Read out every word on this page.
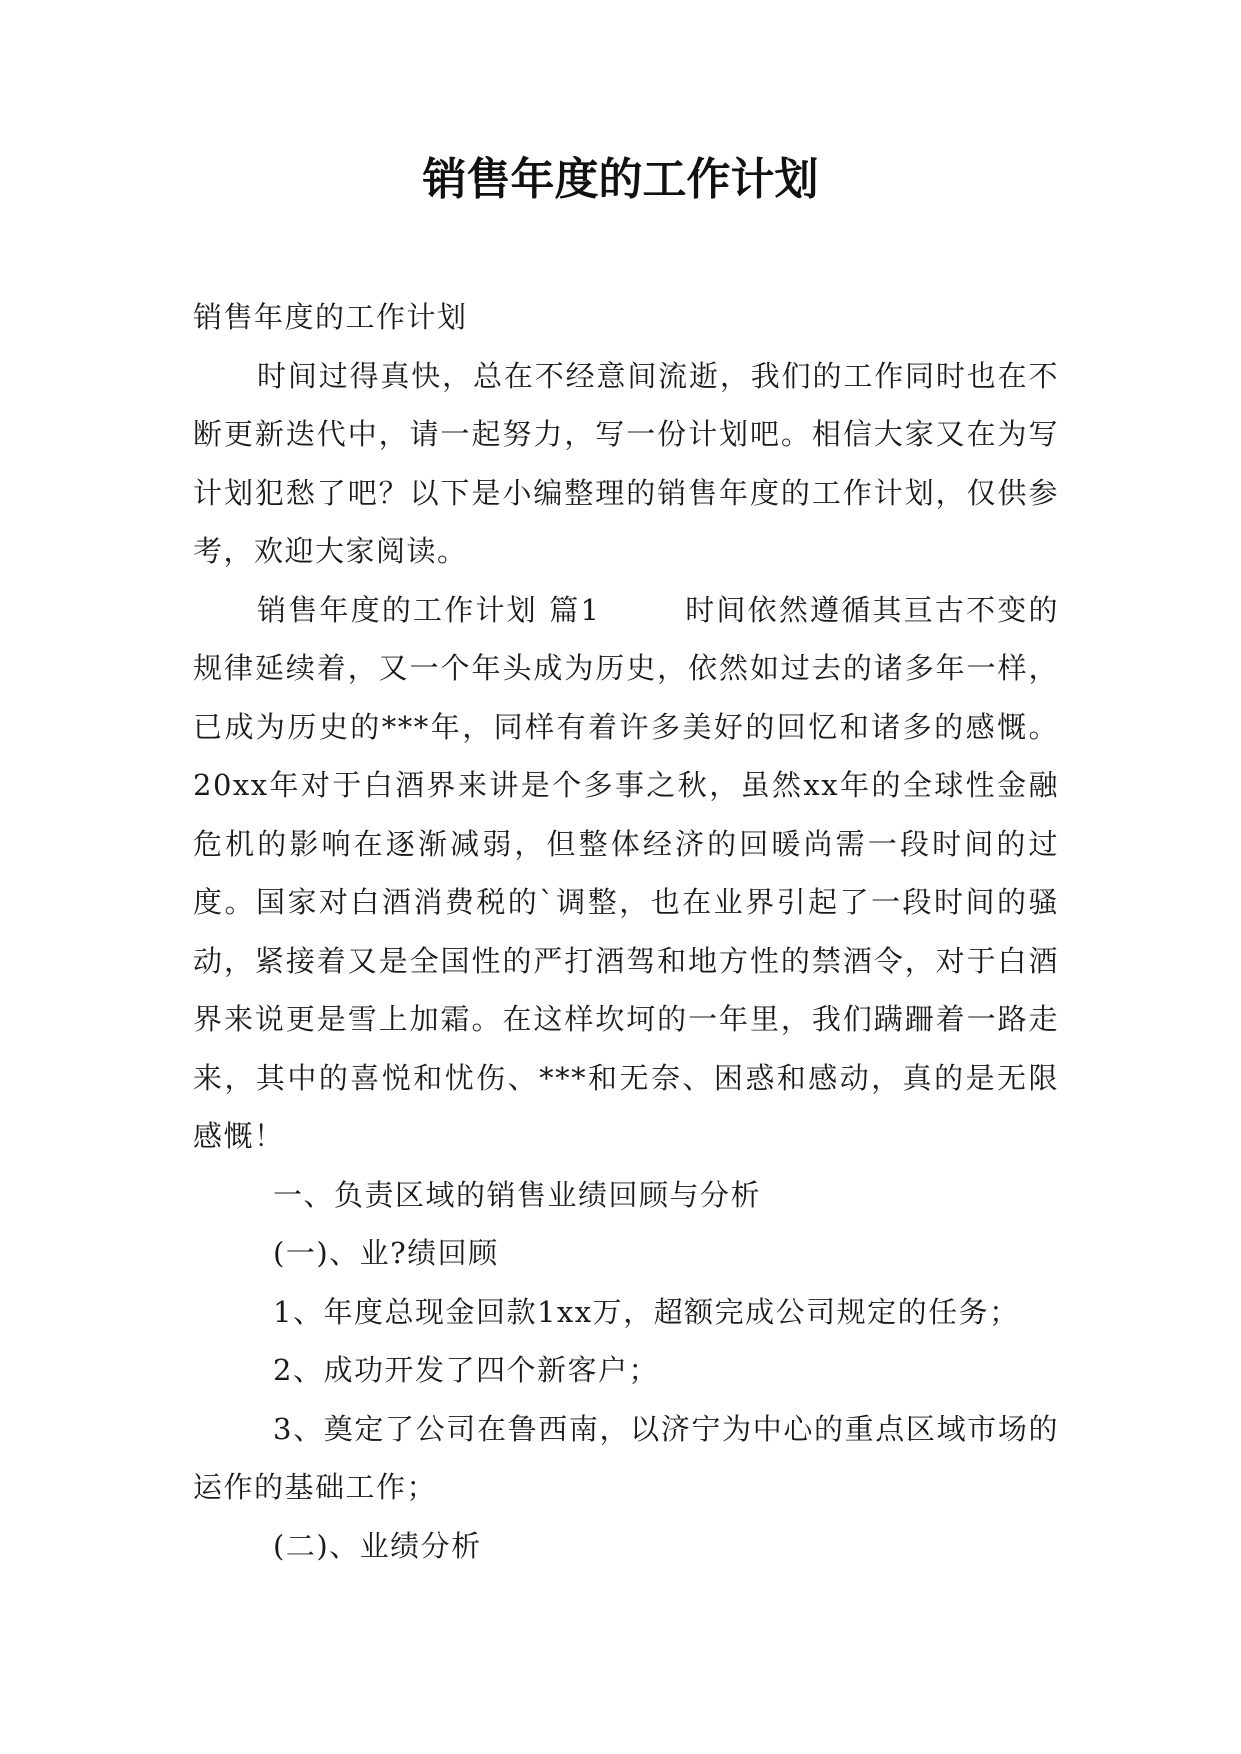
销售年度的工作计划

销售年度的工作计划

时间过得真快，总在不经意间流逝，我们的工作同时也在不断更新迭代中，请一起努力，写一份计划吧。相信大家又在为写计划犯愁了吧？以下是小编整理的销售年度的工作计划，仅供参考，欢迎大家阅读。

销售年度的工作计划 篇1	时间依然遵循其亘古不变的规律延续着，又一个年头成为历史，依然如过去的诸多年一样，已成为历史的***年，同样有着许多美好的回忆和诸多的感慨。20xx年对于白酒界来讲是个多事之秋，虽然xx年的全球性金融危机的影响在逐渐减弱，但整体经济的回暖尚需一段时间的过度。国家对白酒消费税的`调整，也在业界引起了一段时间的骚动，紧接着又是全国性的严打酒驾和地方性的禁酒令，对于白酒界来说更是雪上加霜。在这样坎坷的一年里，我们蹒跚着一路走来，其中的喜悦和忧伤、***和无奈、困惑和感动，真的是无限感慨！

一、负责区域的销售业绩回顾与分析

(一)、业?绩回顾

1、年度总现金回款1xx万，超额完成公司规定的任务；

2、成功开发了四个新客户；

3、奠定了公司在鲁西南，以济宁为中心的重点区域市场的运作的基础工作；

(二)、业绩分析
